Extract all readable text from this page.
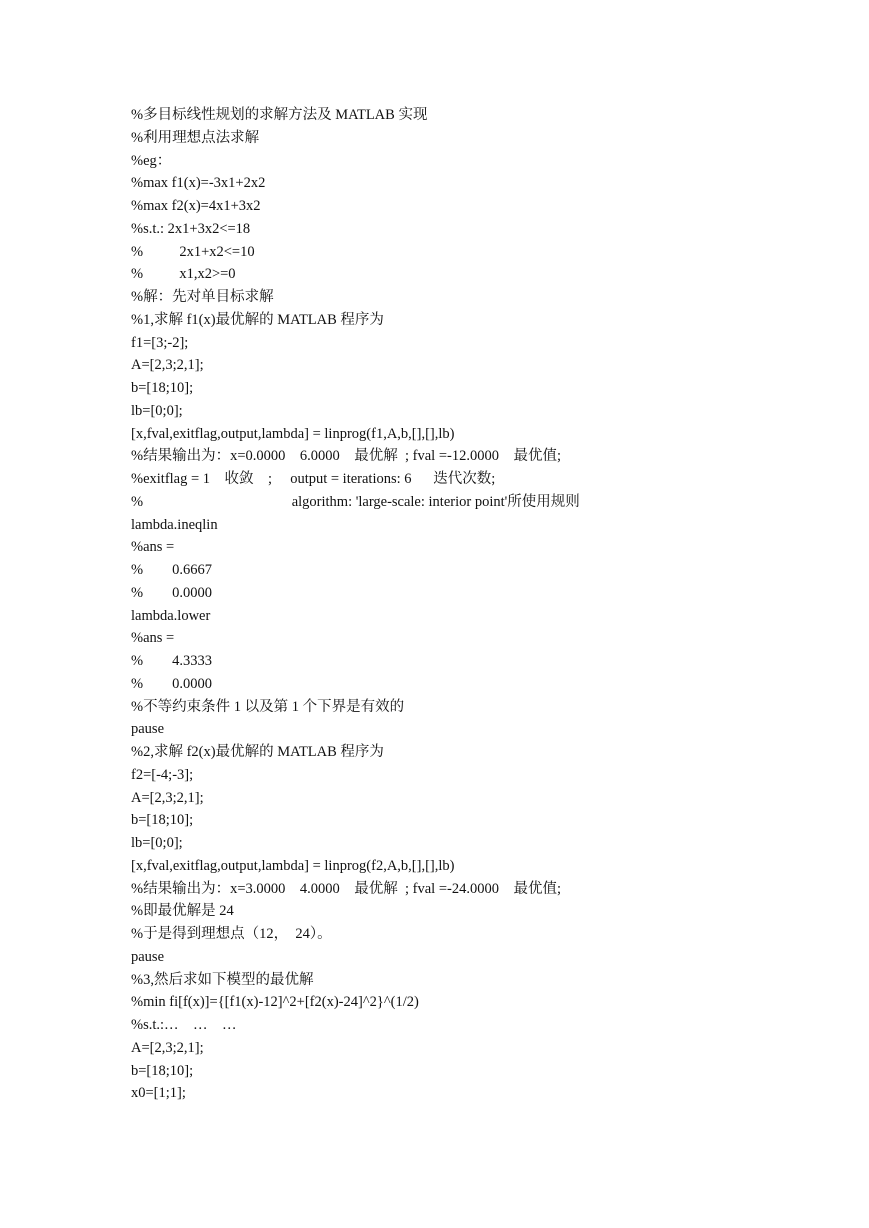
%多目标线性规划的求解方法及 MATLAB 实现
%利用理想点法求解
%eg：
%max f1(x)=-3x1+2x2
%max f2(x)=4x1+3x2
%s.t.: 2x1+3x2<=18
%          2x1+x2<=10
%          x1,x2>=0
%解：先对单目标求解
%1,求解 f1(x)最优解的 MATLAB 程序为
f1=[3;-2];
A=[2,3;2,1];
b=[18;10];
lb=[0;0];
[x,fval,exitflag,output,lambda] = linprog(f1,A,b,[],[],lb)
%结果输出为：x=0.0000    6.0000    最优解  ; fval =-12.0000    最优值;
%exitflag = 1    收敛    ;     output = iterations: 6      迭代次数;
%                                         algorithm: 'large-scale: interior point'所使用规则
lambda.ineqlin
%ans =
%        0.6667
%        0.0000
lambda.lower
%ans =
%        4.3333
%        0.0000
%不等约束条件 1 以及第 1 个下界是有效的
pause
%2,求解 f2(x)最优解的 MATLAB 程序为
f2=[-4;-3];
A=[2,3;2,1];
b=[18;10];
lb=[0;0];
[x,fval,exitflag,output,lambda] = linprog(f2,A,b,[],[],lb)
%结果输出为：x=3.0000    4.0000    最优解  ; fval =-24.0000    最优值;
%即最优解是 24
%于是得到理想点（12，  24）。
pause
%3,然后求如下模型的最优解
%min fi[f(x)]={[f1(x)-12]^2+[f2(x)-24]^2}^(1/2)
%s.t.:…    …    …
A=[2,3;2,1];
b=[18;10];
x0=[1;1];
